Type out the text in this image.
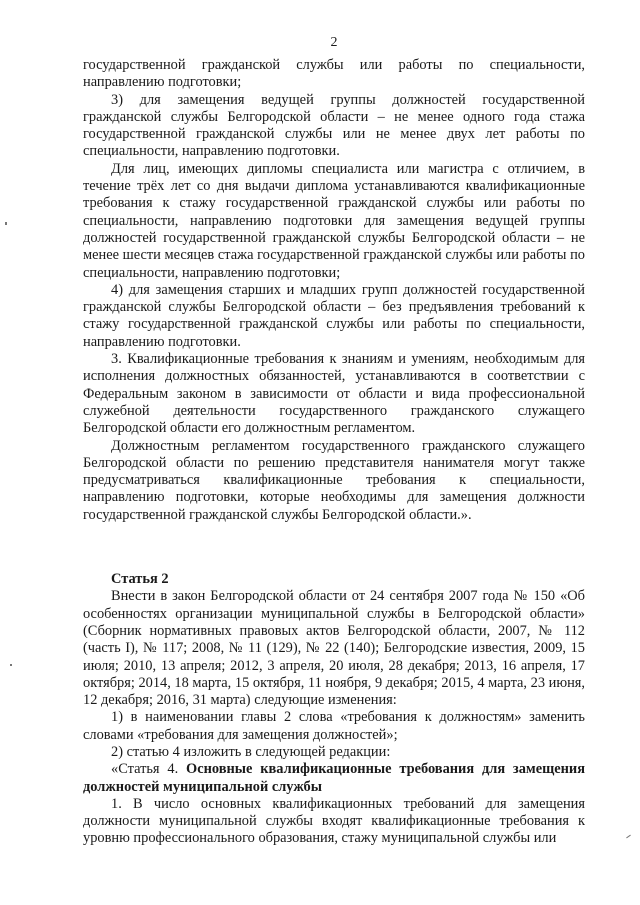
2

государственной гражданской службы или работы по специальности, направлению подготовки;

3) для замещения ведущей группы должностей государственной гражданской службы Белгородской области – не менее одного года стажа государственной гражданской службы или не менее двух лет работы по специальности, направлению подготовки.

Для лиц, имеющих дипломы специалиста или магистра с отличием, в течение трёх лет со дня выдачи диплома устанавливаются квалификационные требования к стажу государственной гражданской службы или работы по специальности, направлению подготовки для замещения ведущей группы должностей государственной гражданской службы Белгородской области – не менее шести месяцев стажа государственной гражданской службы или работы по специальности, направлению подготовки;

4) для замещения старших и младших групп должностей государственной гражданской службы Белгородской области – без предъявления требований к стажу государственной гражданской службы или работы по специальности, направлению подготовки.

3. Квалификационные требования к знаниям и умениям, необходимым для исполнения должностных обязанностей, устанавливаются в соответствии с Федеральным законом в зависимости от области и вида профессиональной служебной деятельности государственного гражданского служащего Белгородской области его должностным регламентом.

Должностным регламентом государственного гражданского служащего Белгородской области по решению представителя нанимателя могут также предусматриваться квалификационные требования к специальности, направлению подготовки, которые необходимы для замещения должности государственной гражданской службы Белгородской области.».

Статья 2

Внести в закон Белгородской области от 24 сентября 2007 года № 150 «Об особенностях организации муниципальной службы в Белгородской области» (Сборник нормативных правовых актов Белгородской области, 2007, № 112 (часть I), № 117; 2008, № 11 (129), № 22 (140); Белгородские известия, 2009, 15 июля; 2010, 13 апреля; 2012, 3 апреля, 20 июля, 28 декабря; 2013, 16 апреля, 17 октября; 2014, 18 марта, 15 октября, 11 ноября, 9 декабря; 2015, 4 марта, 23 июня, 12 декабря; 2016, 31 марта) следующие изменения:

1) в наименовании главы 2 слова «требования к должностям» заменить словами «требования для замещения должностей»;

2) статью 4 изложить в следующей редакции:

«Статья 4. Основные квалификационные требования для замещения должностей муниципальной службы

1. В число основных квалификационных требований для замещения должности муниципальной службы входят квалификационные требования к уровню профессионального образования, стажу муниципальной службы или
